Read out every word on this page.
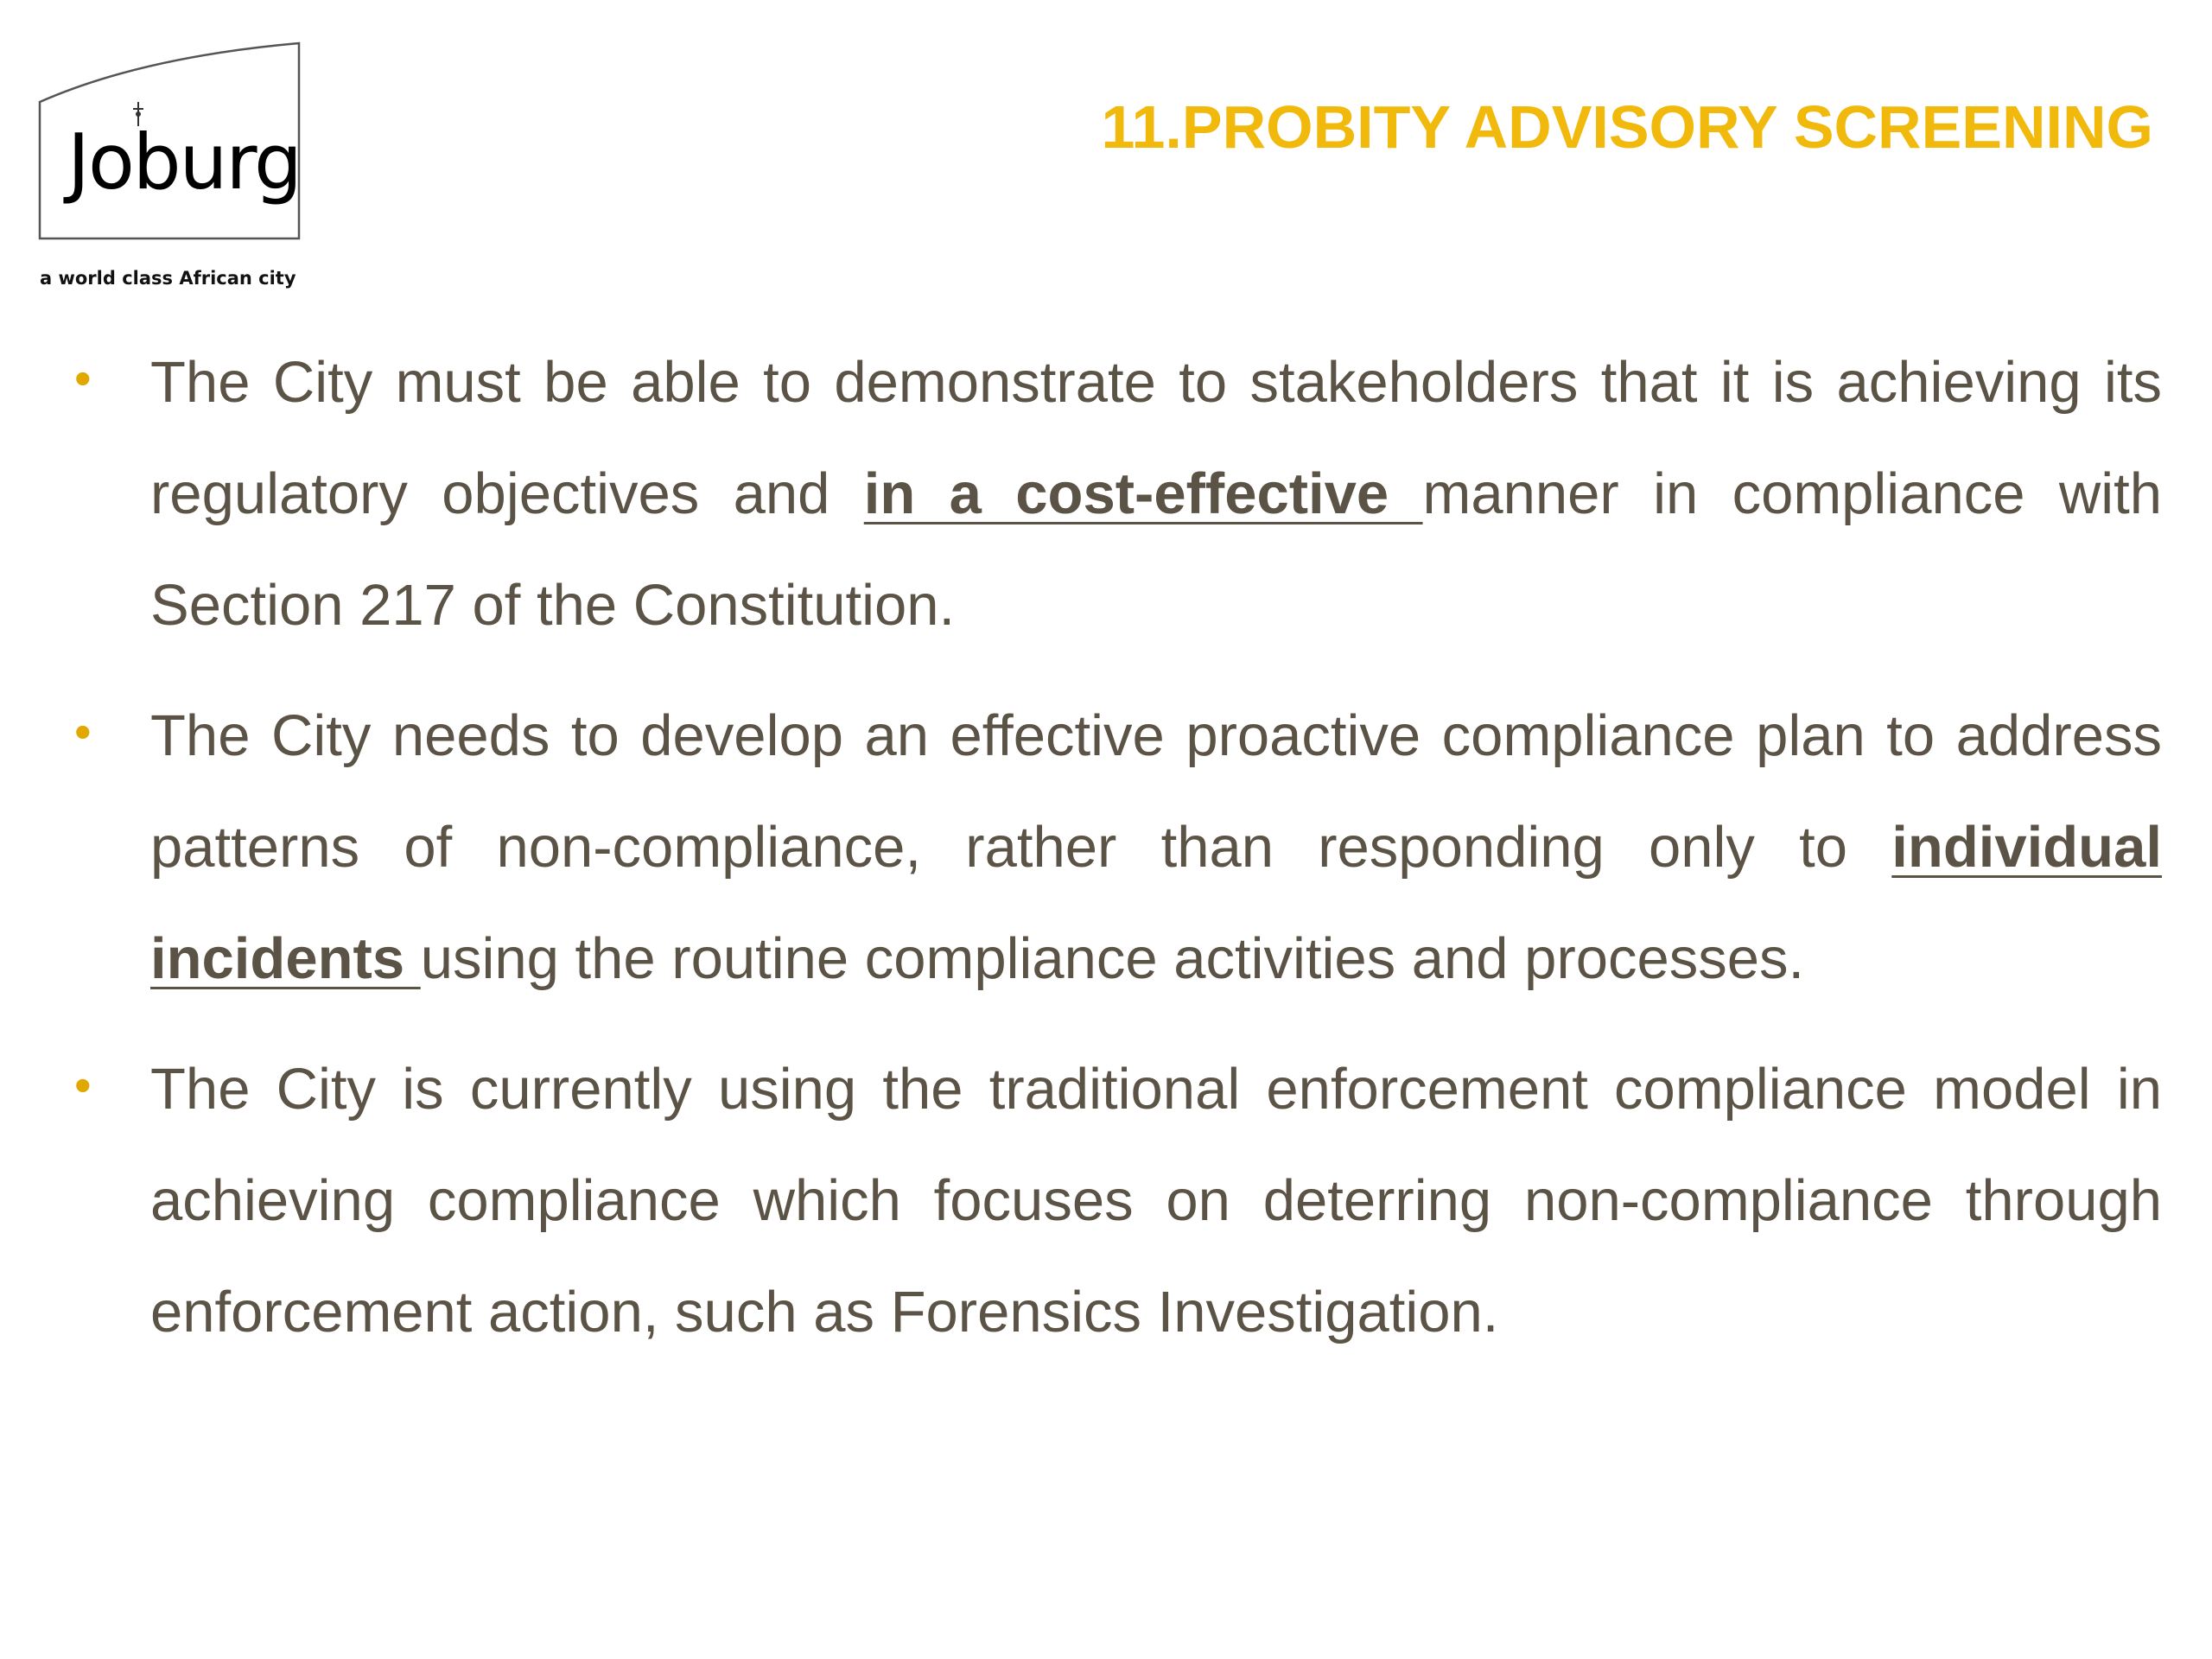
Joburg
a world class African city
11.PROBITY ADVISORY SCREENING
• The City must be able to demonstrate to stakeholders that it is achieving its regulatory objectives and in a cost-effective manner in compliance with Section 217 of the Constitution.

• The City needs to develop an effective proactive compliance plan to address patterns of non-compliance, rather than responding only to individual incidents using the routine compliance activities and processes.

• The City is currently using the traditional enforcement compliance model in achieving compliance which focuses on deterring non-compliance through enforcement action, such as Forensics Investigation.
